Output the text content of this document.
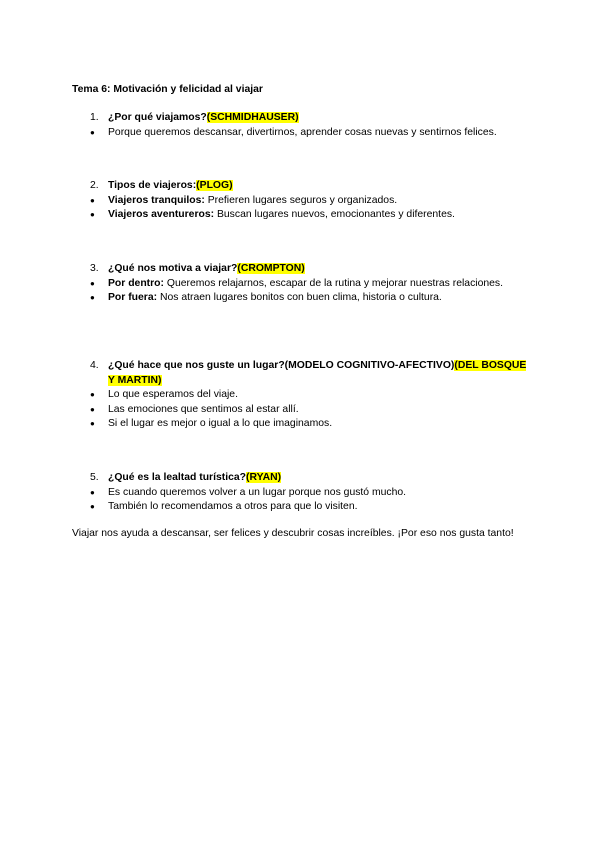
Tema 6: Motivación y felicidad al viajar
1. ¿Por qué viajamos?(SCHMIDHAUSER)
● Porque queremos descansar, divertirnos, aprender cosas nuevas y sentirnos felices.
2. Tipos de viajeros:(PLOG)
● Viajeros tranquilos: Prefieren lugares seguros y organizados.
● Viajeros aventureros: Buscan lugares nuevos, emocionantes y diferentes.
3. ¿Qué nos motiva a viajar?(CROMPTON)
● Por dentro: Queremos relajarnos, escapar de la rutina y mejorar nuestras relaciones.
● Por fuera: Nos atraen lugares bonitos con buen clima, historia o cultura.
4. ¿Qué hace que nos guste un lugar?(MODELO COGNITIVO-AFECTIVO)(DEL BOSQUE Y MARTIN)
● Lo que esperamos del viaje.
● Las emociones que sentimos al estar allí.
● Si el lugar es mejor o igual a lo que imaginamos.
5. ¿Qué es la lealtad turística?(RYAN)
● Es cuando queremos volver a un lugar porque nos gustó mucho.
● También lo recomendamos a otros para que lo visiten.
Viajar nos ayuda a descansar, ser felices y descubrir cosas increíbles. ¡Por eso nos gusta tanto!
